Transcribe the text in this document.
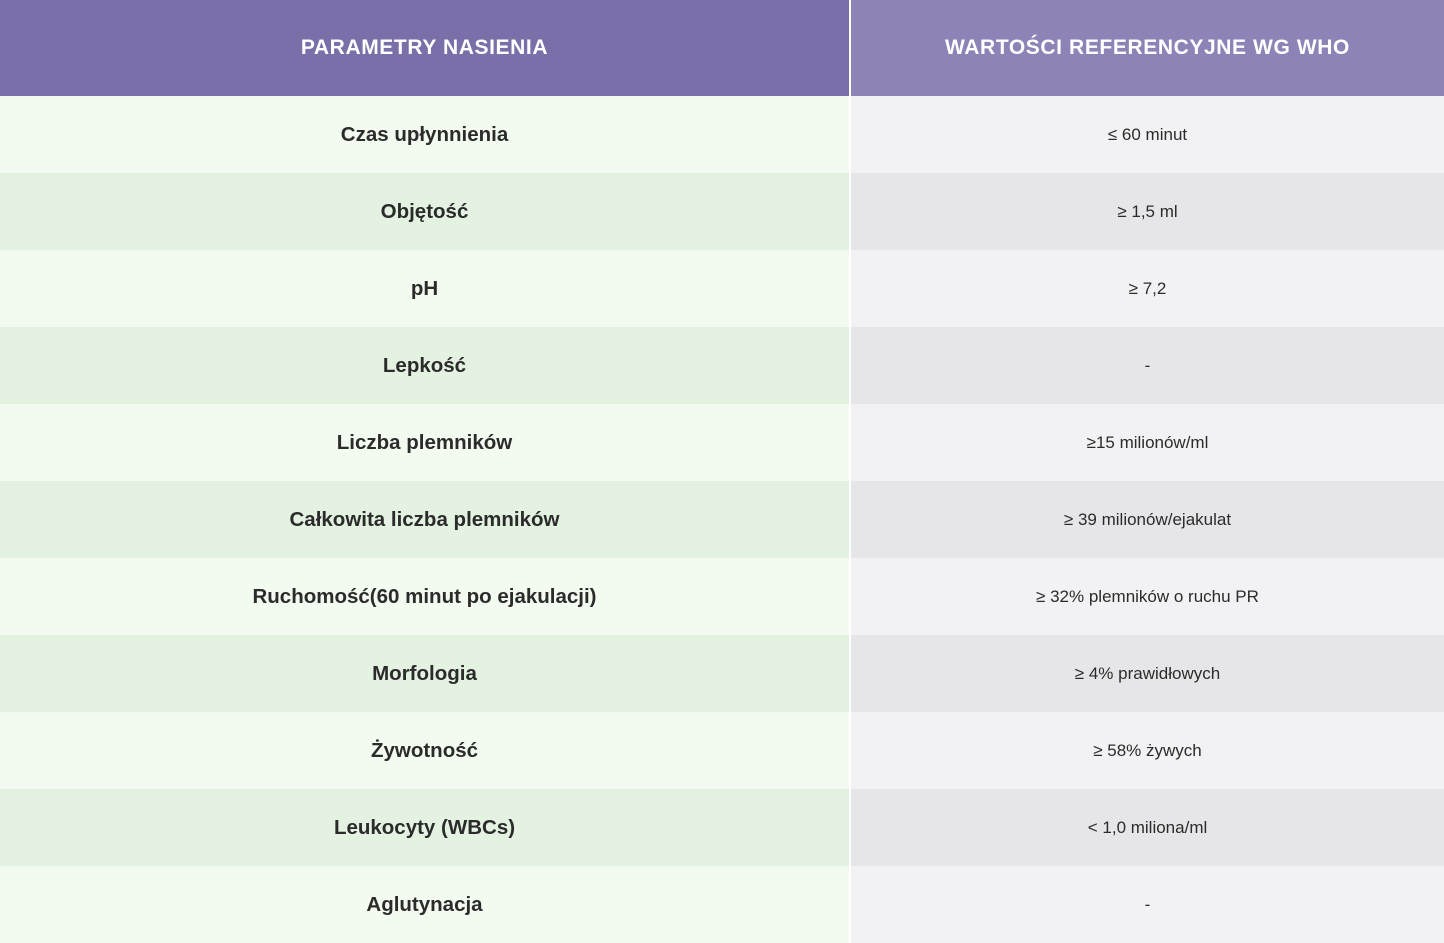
PARAMETRY NASIENIA		WARTOŚCI REFERENCYJNE WG WHO
Czas upłynnienia		≤ 60 minut
Objętość		≥ 1,5 ml
pH		≥ 7,2
Lepkość		-
Liczba plemników		≥15 milionów/ml
Całkowita liczba plemników		≥ 39 milionów/ejakulat
Ruchomość(60 minut po ejakulacji)		≥ 32% plemników o ruchu PR
Morfologia		≥ 4% prawidłowych
Żywotność		≥ 58% żywych
Leukocyty (WBCs)		< 1,0 miliona/ml
Aglutynacja		-
